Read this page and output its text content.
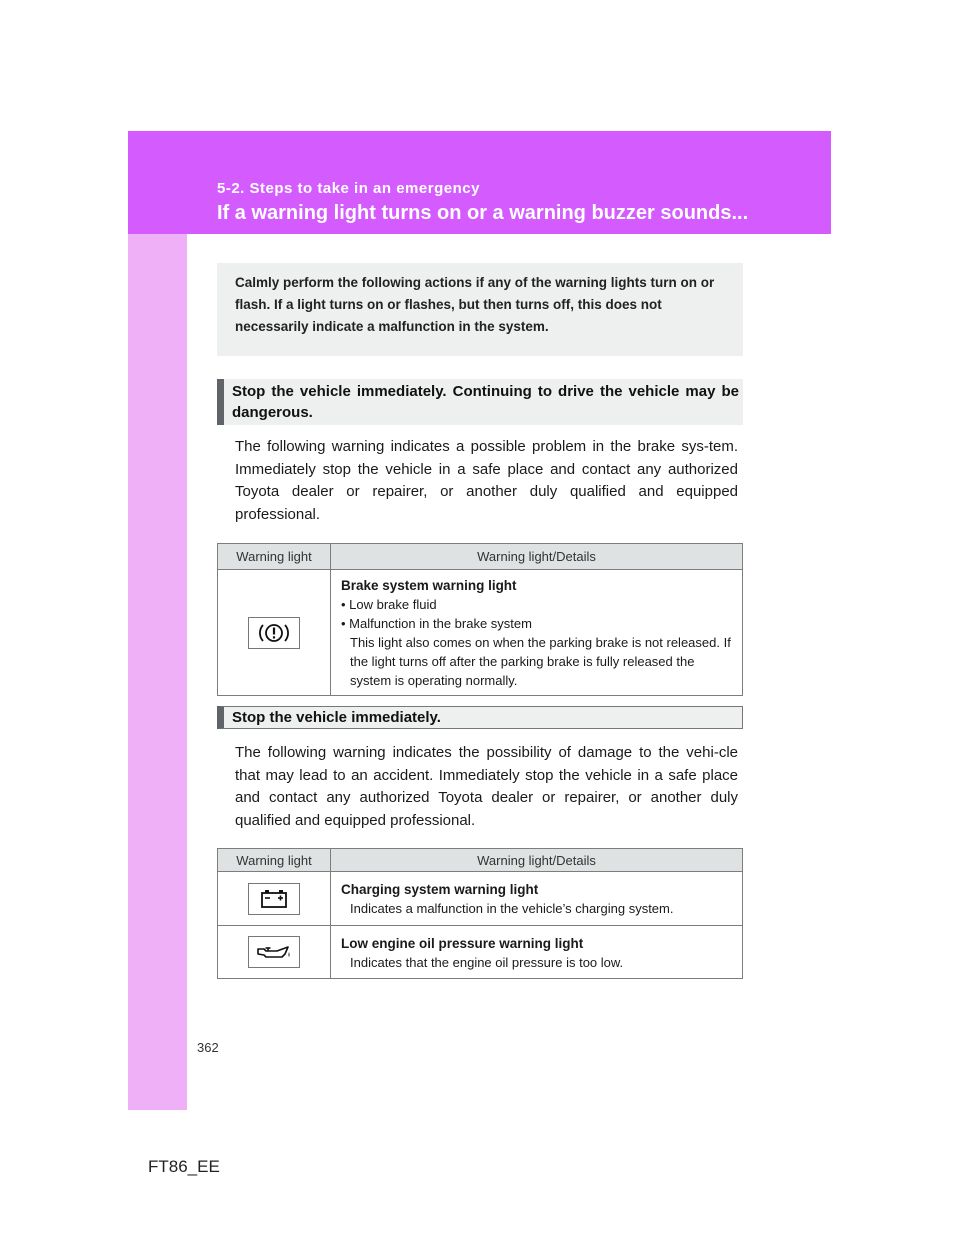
5-2. Steps to take in an emergency
If a warning light turns on or a warning buzzer sounds...
Calmly perform the following actions if any of the warning lights turn on or flash. If a light turns on or flashes, but then turns off, this does not necessarily indicate a malfunction in the system.
Stop the vehicle immediately. Continuing to drive the vehicle may be dangerous.
The following warning indicates a possible problem in the brake sys-tem. Immediately stop the vehicle in a safe place and contact any authorized Toyota dealer or repairer, or another duly qualified and equipped professional.
Warning light	Warning light/Details

Brake system warning light
• Low brake fluid
• Malfunction in the brake system
This light also comes on when the parking brake is not released. If the light turns off after the parking brake is fully released the system is operating normally.
Stop the vehicle immediately.
The following warning indicates the possibility of damage to the vehi-cle that may lead to an accident. Immediately stop the vehicle in a safe place and contact any authorized Toyota dealer or repairer, or another duly qualified and equipped professional.
Warning light	Warning light/Details

Charging system warning light
Indicates a malfunction in the vehicle’s charging system.

Low engine oil pressure warning light
Indicates that the engine oil pressure is too low.
362
FT86_EE
